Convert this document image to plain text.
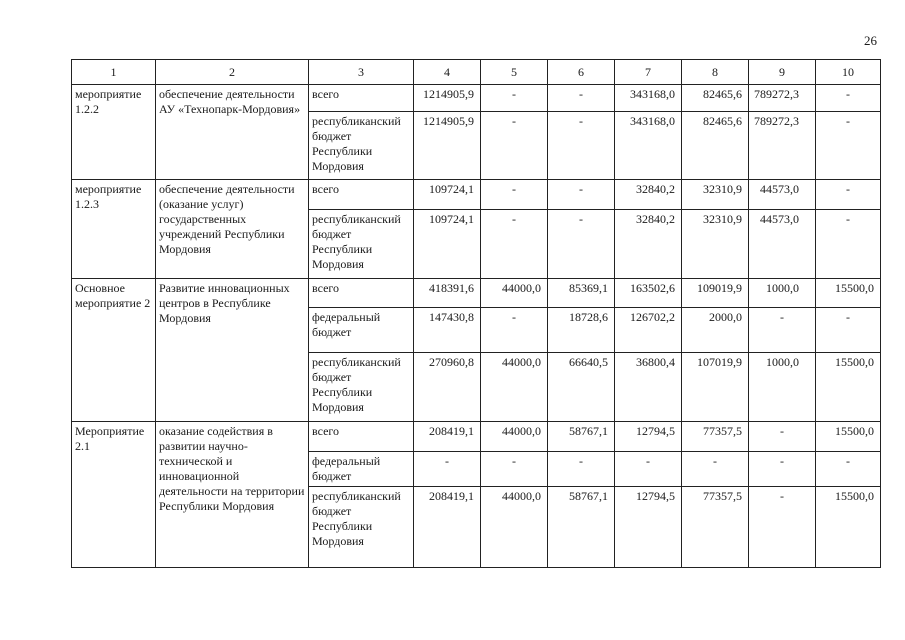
26
1	2	3	4	5	6	7	8	9	10
мероприятие 1.2.2	обеспечение деятельности АУ «Технопарк-Мордовия»	всего	1214905,9	-	-	343168,0	82465,6	789272,3	-
		республиканский бюджет Республики Мордовия	1214905,9	-	-	343168,0	82465,6	789272,3	-
мероприятие 1.2.3	обеспечение деятельности (оказание услуг) государственных учреждений Республики Мордовия	всего	109724,1	-	-	32840,2	32310,9	44573,0	-
		республиканский бюджет Республики Мордовия	109724,1	-	-	32840,2	32310,9	44573,0	-
Основное мероприятие 2	Развитие инновационных центров в Республике Мордовия	всего	418391,6	44000,0	85369,1	163502,6	109019,9	1000,0	15500,0
		федеральный бюджет	147430,8	-	18728,6	126702,2	2000,0	-	-
		республиканский бюджет Республики Мордовия	270960,8	44000,0	66640,5	36800,4	107019,9	1000,0	15500,0
Мероприятие 2.1	оказание содействия в развитии научно-технической и инновационной деятельности на территории Республики Мордовия	всего	208419,1	44000,0	58767,1	12794,5	77357,5	-	15500,0
		федеральный бюджет	-	-	-	-	-	-	-
		республиканский бюджет Республики Мордовия	208419,1	44000,0	58767,1	12794,5	77357,5	-	15500,0
